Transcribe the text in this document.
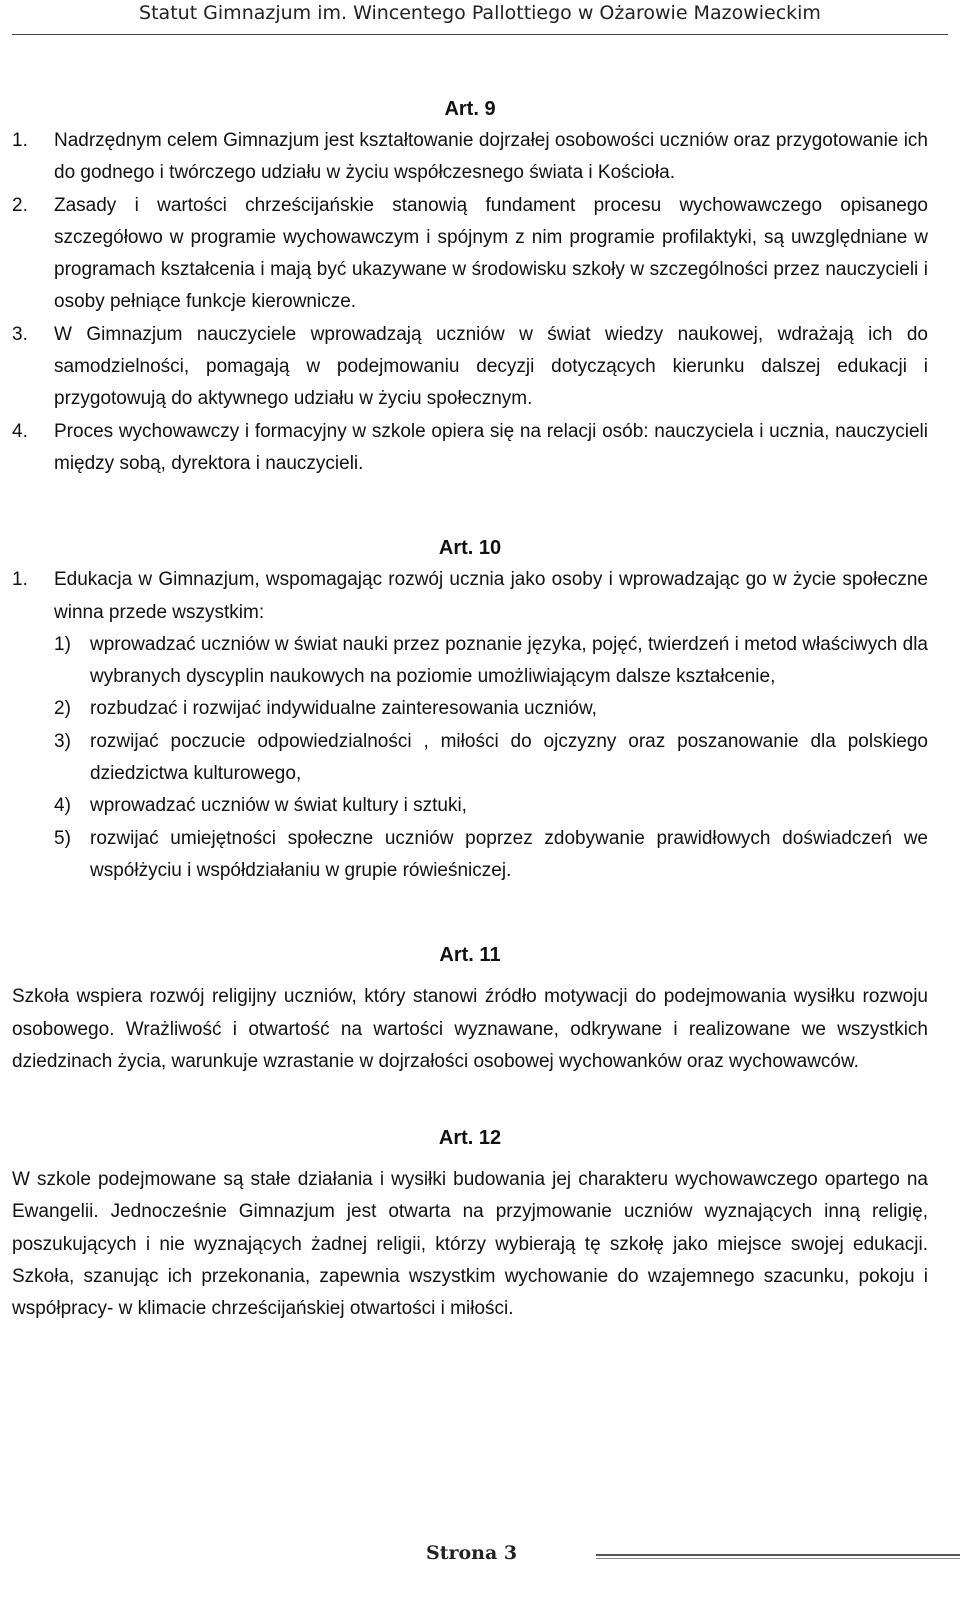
Statut Gimnazjum im. Wincentego Pallottiego w Ożarowie Mazowieckim
Art. 9
1.	Nadrzędnym celem Gimnazjum jest kształtowanie dojrzałej osobowości uczniów oraz przygotowanie ich do godnego i twórczego udziału w życiu współczesnego świata i Kościoła.
2.	Zasady i wartości chrześcijańskie stanowią fundament procesu wychowawczego opisanego szczegółowo w programie wychowawczym i spójnym z nim programie profilaktyki, są uwzględniane w programach kształcenia i mają być ukazywane w środowisku szkoły w szczególności przez nauczycieli i osoby pełniące funkcje kierownicze.
3.	W Gimnazjum nauczyciele wprowadzają uczniów w świat wiedzy naukowej, wdrażają ich do samodzielności, pomagają w podejmowaniu decyzji dotyczących kierunku dalszej edukacji i przygotowują do aktywnego udziału w życiu społecznym.
4.	Proces wychowawczy i formacyjny w szkole opiera się na relacji osób: nauczyciela i ucznia, nauczycieli między sobą, dyrektora i nauczycieli.
Art. 10
1.	Edukacja w Gimnazjum, wspomagając rozwój ucznia jako osoby i wprowadzając go w życie społeczne winna przede wszystkim:
1)	wprowadzać uczniów w świat nauki przez poznanie języka, pojęć, twierdzeń i metod właściwych dla wybranych dyscyplin naukowych na poziomie umożliwiającym dalsze kształcenie,
2)	rozbudzać i rozwijać indywidualne zainteresowania uczniów,
3)	rozwijać poczucie odpowiedzialności , miłości do ojczyzny oraz poszanowanie dla polskiego dziedzictwa kulturowego,
4)	wprowadzać uczniów w świat kultury i sztuki,
5)	rozwijać umiejętności społeczne uczniów poprzez zdobywanie prawidłowych doświadczeń we współżyciu i współdziałaniu w grupie rówieśniczej.
Art. 11

Szkoła wspiera rozwój religijny uczniów, który stanowi źródło motywacji do podejmowania wysiłku rozwoju osobowego. Wrażliwość i otwartość na wartości wyznawane, odkrywane i realizowane we wszystkich dziedzinach życia, warunkuje wzrastanie w dojrzałości osobowej wychowanków oraz wychowawców.

Art. 12

W szkole podejmowane są stałe działania i wysiłki budowania jej charakteru wychowawczego opartego na Ewangelii. Jednocześnie Gimnazjum jest otwarta na przyjmowanie uczniów wyznających inną religię, poszukujących i nie wyznających żadnej religii, którzy wybierają tę szkołę jako miejsce swojej edukacji. Szkoła, szanując ich przekonania, zapewnia wszystkim wychowanie do wzajemnego szacunku, pokoju i współpracy- w klimacie chrześcijańskiej otwartości i miłości.

Strona 3
